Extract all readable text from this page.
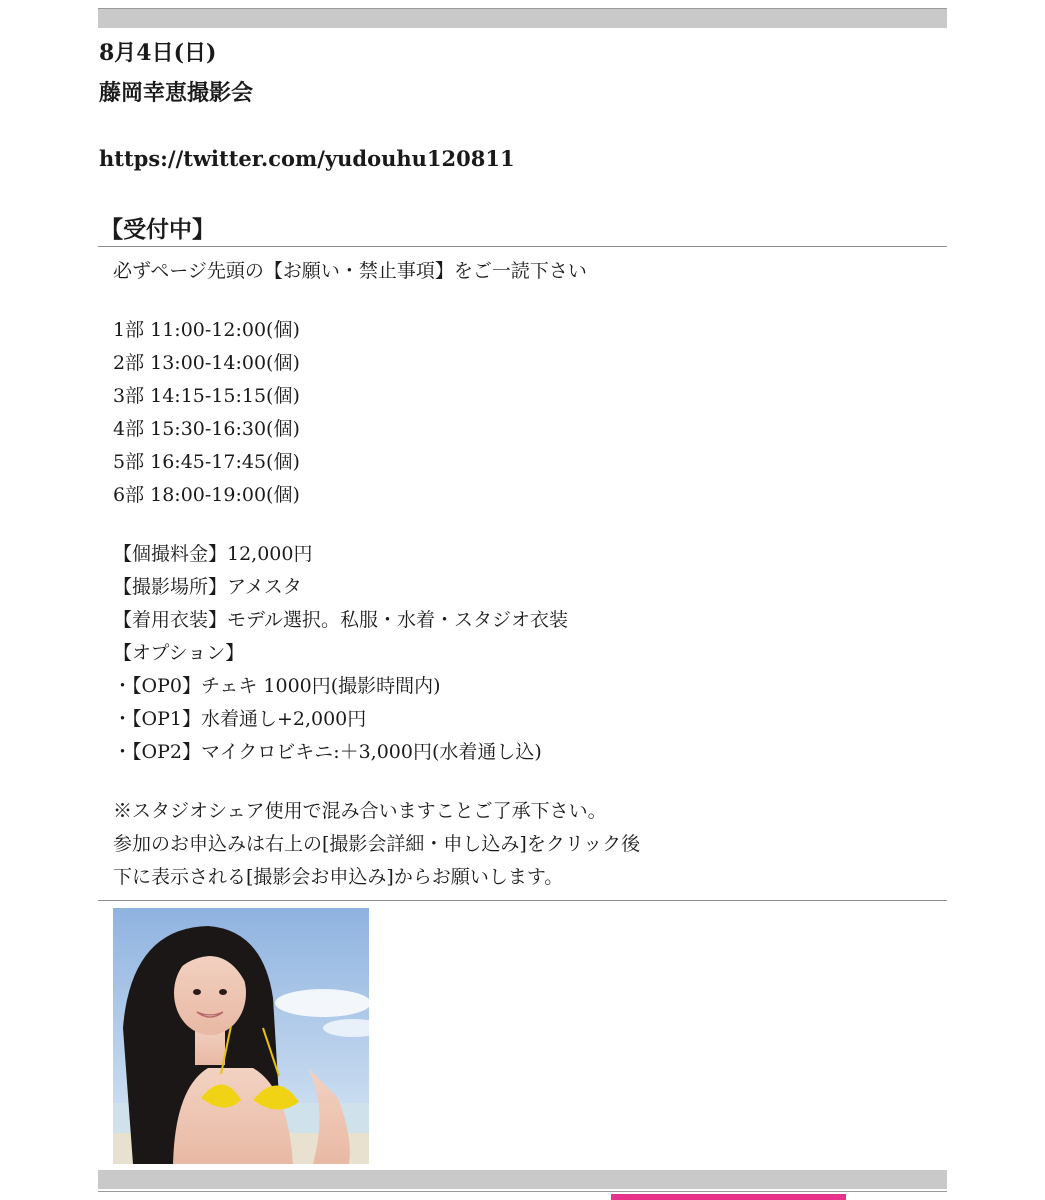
8月4日(日)
藤岡幸恵撮影会
https://twitter.com/yudouhu120811
【受付中】

必ずページ先頭の【お願い・禁止事項】をご一読下さい

1部 11:00-12:00(個)

2部 13:00-14:00(個)

3部 14:15-15:15(個)

4部 15:30-16:30(個)

5部 16:45-17:45(個)

6部 18:00-19:00(個)

【個撮料金】12,000円

【撮影場所】アメスタ

【着用衣装】モデル選択。私服・水着・スタジオ衣装

【オプション】

・【OP0】チェキ 1000円(撮影時間内)

・【OP1】水着通し+2,000円

・【OP2】マイクロビキニ:＋3,000円(水着通し込)

※スタジオシェア使用で混み合いますことご了承下さい。

参加のお申込みは右上の[撮影会詳細・申し込み]をクリック後

下に表示される[撮影会お申込み]からお願いします。
